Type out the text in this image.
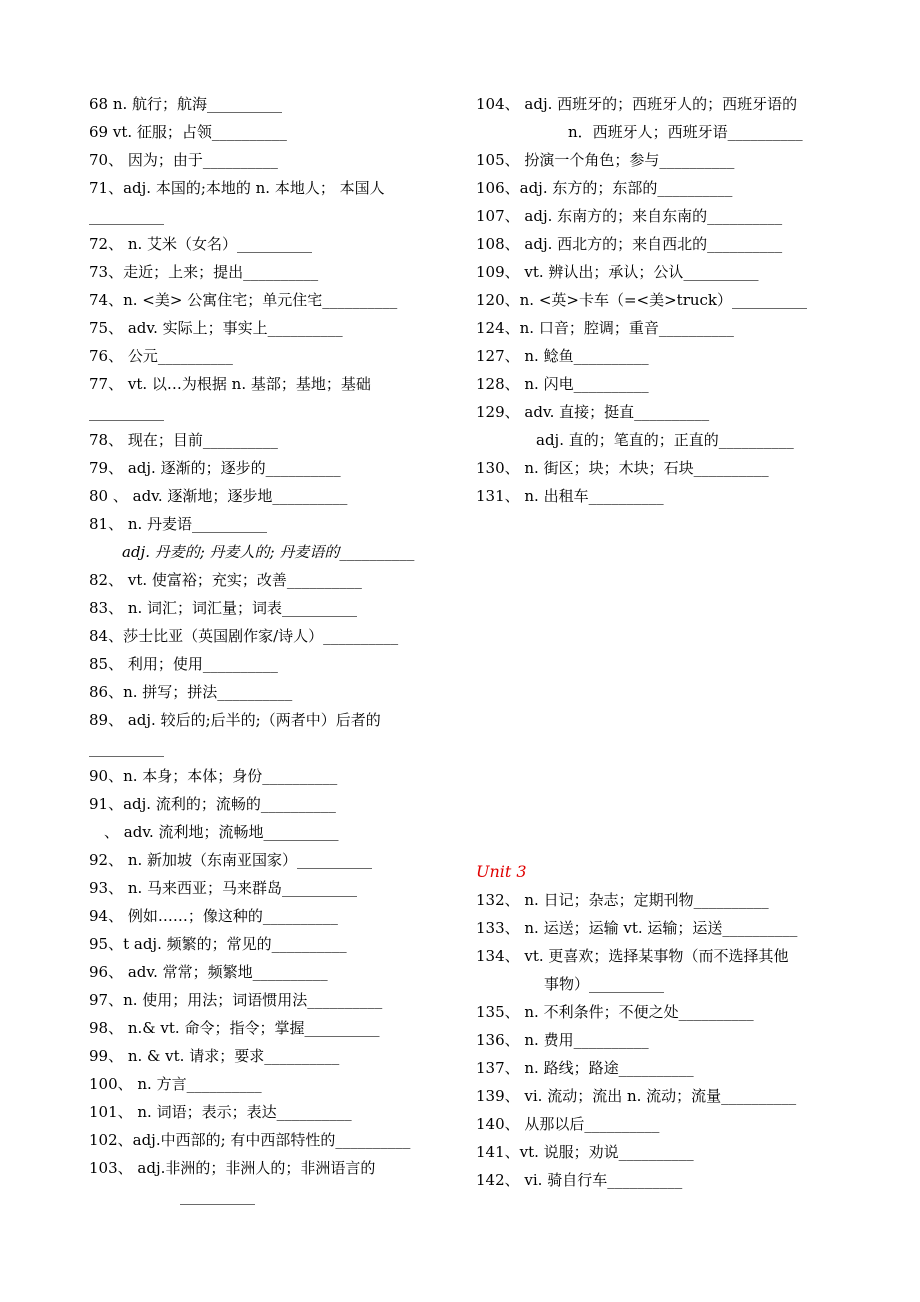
68 n. 航行；航海__________
69 vt. 征服；占领__________
70、 因为；由于__________
71、adj. 本国的;本地的 n. 本地人； 本国人
__________
72、 n. 艾米（女名）__________
73、走近；上来；提出__________
74、n. <美> 公寓住宅；单元住宅__________
75、 adv. 实际上；事实上__________
76、 公元__________
77、 vt. 以…为根据 n. 基部；基地；基础
__________
78、 现在；目前__________
79、 adj. 逐渐的；逐步的__________
80 、 adv. 逐渐地；逐步地__________
81、 n. 丹麦语__________
adj. 丹麦的; 丹麦人的; 丹麦语的__________
82、 vt. 使富裕；充实；改善__________
83、 n. 词汇；词汇量；词表__________
84、莎士比亚（英国剧作家/诗人）__________
85、 利用；使用__________
86、n. 拼写；拼法__________
89、 adj. 较后的;后半的;（两者中）后者的
__________
90、n. 本身；本体；身份__________
91、adj. 流利的；流畅的__________
、 adv. 流利地；流畅地__________
92、 n. 新加坡（东南亚国家）__________
93、 n. 马来西亚；马来群岛__________
94、 例如……；像这种的__________
95、t adj. 频繁的；常见的__________
96、 adv. 常常；频繁地__________
97、n. 使用；用法；词语惯用法__________
98、 n.& vt. 命令；指令；掌握__________
99、 n. & vt. 请求；要求__________
100、 n. 方言__________
101、 n. 词语；表示；表达__________
102、adj.中西部的; 有中西部特性的__________
103、 adj.非洲的；非洲人的；非洲语言的
__________
104、 adj. 西班牙的；西班牙人的；西班牙语的
n．西班牙人；西班牙语__________
105、 扮演一个角色；参与__________
106、adj. 东方的；东部的__________
107、 adj. 东南方的；来自东南的__________
108、 adj. 西北方的；来自西北的__________
109、 vt. 辨认出；承认；公认__________
120、n. <英>卡车（=<美>truck）__________
124、n. 口音；腔调；重音__________
127、 n. 鲶鱼__________
128、 n. 闪电__________
129、 adv. 直接；挺直__________
adj. 直的；笔直的；正直的__________
130、 n. 街区；块；木块；石块__________
131、 n. 出租车__________
Unit 3
132、 n. 日记；杂志；定期刊物__________
133、 n. 运送；运输 vt. 运输；运送__________
134、 vt. 更喜欢；选择某事物（而不选择其他
事物）__________
135、 n. 不利条件；不便之处__________
136、 n. 费用__________
137、 n. 路线；路途__________
139、 vi. 流动；流出 n. 流动；流量__________
140、 从那以后__________
141、vt. 说服；劝说__________
142、 vi. 骑自行车__________
